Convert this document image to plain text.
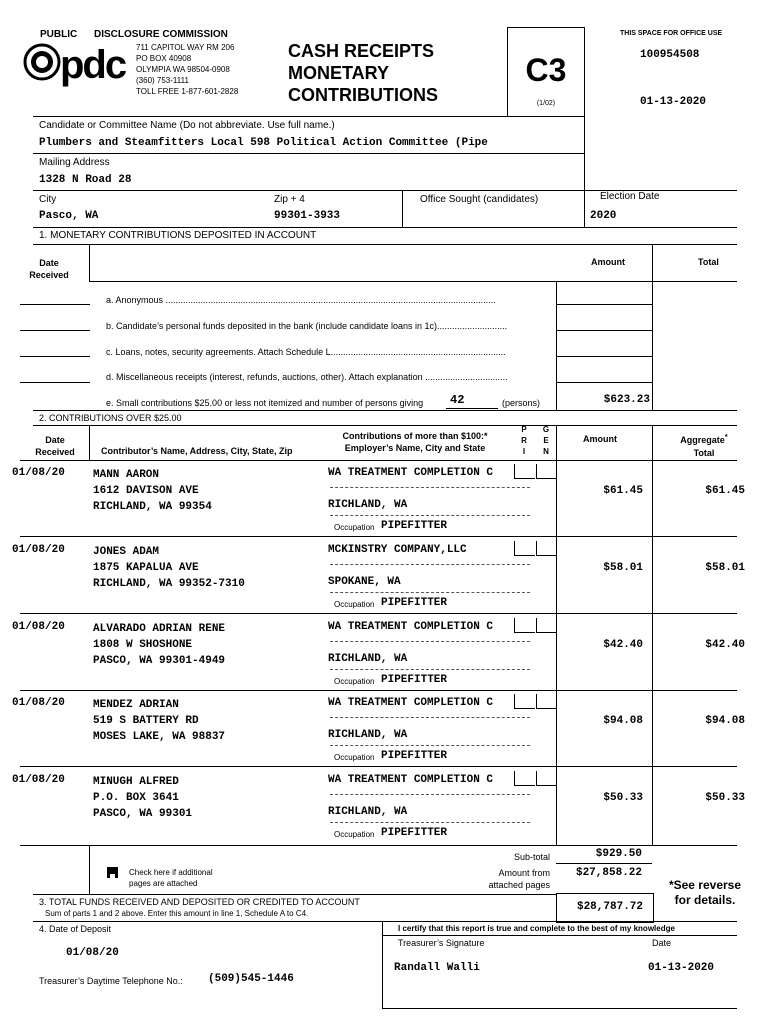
PUBLIC DISCLOSURE COMMISSION
pdc 711 CAPITOL WAY RM 206
PO BOX 40908
OLYMPIA WA 98504-0908
(360) 753-1111
TOLL FREE 1-877-601-2828
CASH RECEIPTS
MONETARY
CONTRIBUTIONS
C3
(1/02)
THIS SPACE FOR OFFICE USE
100954508
01-13-2020
Candidate or Committee Name (Do not abbreviate. Use full name.)
Plumbers and Steamfitters Local 598 Political Action Committee (Pipe
Mailing Address
1328 N Road 28
City
Pasco, WA
Zip + 4
99301-3933
Office Sought (candidates)	Election Date
2020
1. MONETARY CONTRIBUTIONS DEPOSITED IN ACCOUNT
Date
Received
Amount	Total
a. Anonymous ....................................................................................................................................
b. Candidate’s personal funds deposited in the bank (include candidate loans in 1c)............................
c. Loans, notes, security agreements. Attach Schedule L......................................................................
d. Miscellaneous receipts (interest, refunds, auctions, other). Attach explanation .................................
e. Small contributions $25.00 or less not itemized and number of persons giving 42	(persons)	$623.23
2. CONTRIBUTIONS OVER $25.00
Date
Received	Contributor’s Name, Address, City, State, Zip
Contributions of more than $100:*
Employer’s Name, City and State
P
R
I
G
E
N
Amount	Aggregate*
Total
01/08/20	MANN AARON
1612 DAVISON AVE
RICHLAND, WA 99354
WA TREATMENT COMPLETION C
RICHLAND, WA
Occupation PIPEFITTER
$61.45	$61.45
01/08/20	JONES ADAM
1875 KAPALUA AVE
RICHLAND, WA 99352-7310
MCKINSTRY COMPANY,LLC
SPOKANE, WA
Occupation PIPEFITTER
$58.01	$58.01
01/08/20	ALVARADO ADRIAN RENE
1808 W SHOSHONE
PASCO, WA 99301-4949
WA TREATMENT COMPLETION C
RICHLAND, WA
Occupation PIPEFITTER
$42.40	$42.40
01/08/20	MENDEZ ADRIAN
519 S BATTERY RD
MOSES LAKE, WA 98837
WA TREATMENT COMPLETION C
RICHLAND, WA
Occupation PIPEFITTER
$94.08	$94.08
01/08/20	MINUGH ALFRED
P.O. BOX 3641
PASCO, WA 99301
WA TREATMENT COMPLETION C
RICHLAND, WA
Occupation PIPEFITTER
$50.33	$50.33
Check here if additional
pages are attached
Sub-total	$929.50
Amount from
attached pages
$27,858.22
*See reverse
for details.
3. TOTAL FUNDS RECEIVED AND DEPOSITED OR CREDITED TO ACCOUNT
Sum of parts 1 and 2 above. Enter this amount in line 1, Schedule A to C4.
$28,787.72
4. Date of Deposit
01/08/20
I certify that this report is true and complete to the best of my knowledge
Treasurer’s Signature	Date
Randall Walli	01-13-2020
Treasurer’s Daytime Telephone No.: (509)545-1446
